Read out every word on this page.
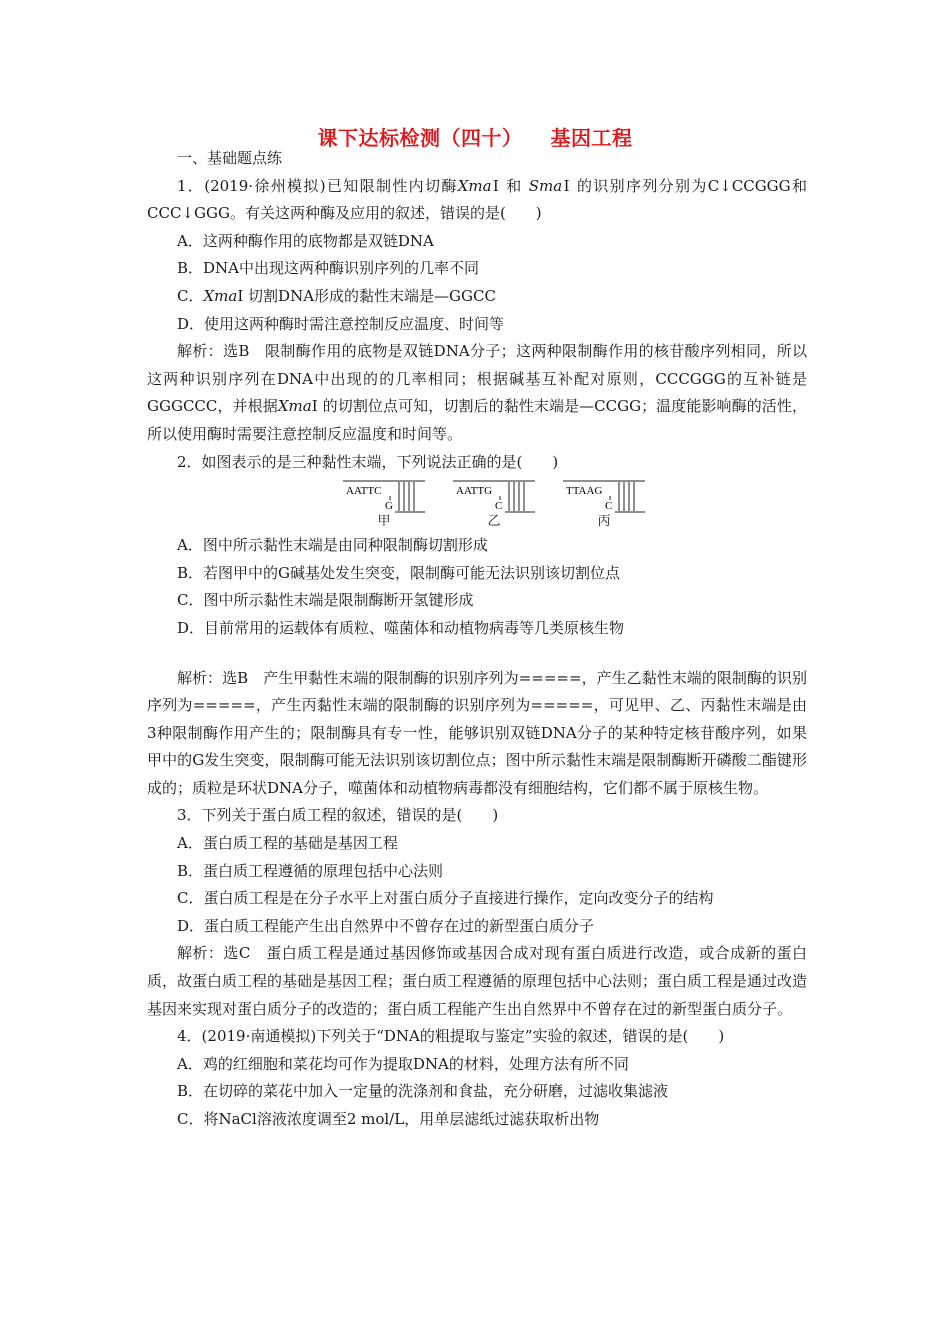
课下达标检测（四十） 基因工程

一、基础题点练

1．(2019·徐州模拟)已知限制性内切酶XmaⅠ 和 SmaⅠ 的识别序列分别为C↓CCGGG和CCC↓GGG。有关这两种酶及应用的叙述，错误的是(　　)

A．这两种酶作用的底物都是双链DNA

B．DNA中出现这两种酶识别序列的几率不同

C．XmaⅠ 切割DNA形成的黏性末端是—GGCC

D．使用这两种酶时需注意控制反应温度、时间等

解析：选B　限制酶作用的底物是双链DNA分子；这两种限制酶作用的核苷酸序列相同，所以这两种识别序列在DNA中出现的的几率相同；根据碱基互补配对原则，CCCGGG的互补链是GGGCCC，并根据XmaⅠ 的切割位点可知，切割后的黏性末端是—CCGG；温度能影响酶的活性，所以使用酶时需要注意控制反应温度和时间等。

2．如图表示的是三种黏性末端，下列说法正确的是(　　)

AATTC
G
甲
AATTG
C
乙
TTAAG
C
丙

A．图中所示黏性末端是由同种限制酶切割形成

B．若图甲中的G碱基处发生突变，限制酶可能无法识别该切割位点

C．图中所示黏性末端是限制酶断开氢键形成

D．目前常用的运载体有质粒、噬菌体和动植物病毒等几类原核生物

解析：选B　产生甲黏性末端的限制酶的识别序列为=====，产生乙黏性末端的限制酶的识别序列为=====，产生丙黏性末端的限制酶的识别序列为=====，可见甲、乙、丙黏性末端是由3种限制酶作用产生的；限制酶具有专一性，能够识别双链DNA分子的某种特定核苷酸序列，如果甲中的G发生突变，限制酶可能无法识别该切割位点；图中所示黏性末端是限制酶断开磷酸二酯键形成的；质粒是环状DNA分子，噬菌体和动植物病毒都没有细胞结构，它们都不属于原核生物。

3．下列关于蛋白质工程的叙述，错误的是(　　)

A．蛋白质工程的基础是基因工程

B．蛋白质工程遵循的原理包括中心法则

C．蛋白质工程是在分子水平上对蛋白质分子直接进行操作，定向改变分子的结构

D．蛋白质工程能产生出自然界中不曾存在过的新型蛋白质分子

解析：选C　蛋白质工程是通过基因修饰或基因合成对现有蛋白质进行改造，或合成新的蛋白质，故蛋白质工程的基础是基因工程；蛋白质工程遵循的原理包括中心法则；蛋白质工程是通过改造基因来实现对蛋白质分子的改造的；蛋白质工程能产生出自然界中不曾存在过的新型蛋白质分子。

4．(2019·南通模拟)下列关于“DNA的粗提取与鉴定”实验的叙述，错误的是(　　)

A．鸡的红细胞和菜花均可作为提取DNA的材料，处理方法有所不同

B．在切碎的菜花中加入一定量的洗涤剂和食盐，充分研磨，过滤收集滤液

C．将NaCl溶液浓度调至2 mol/L，用单层滤纸过滤获取析出物
